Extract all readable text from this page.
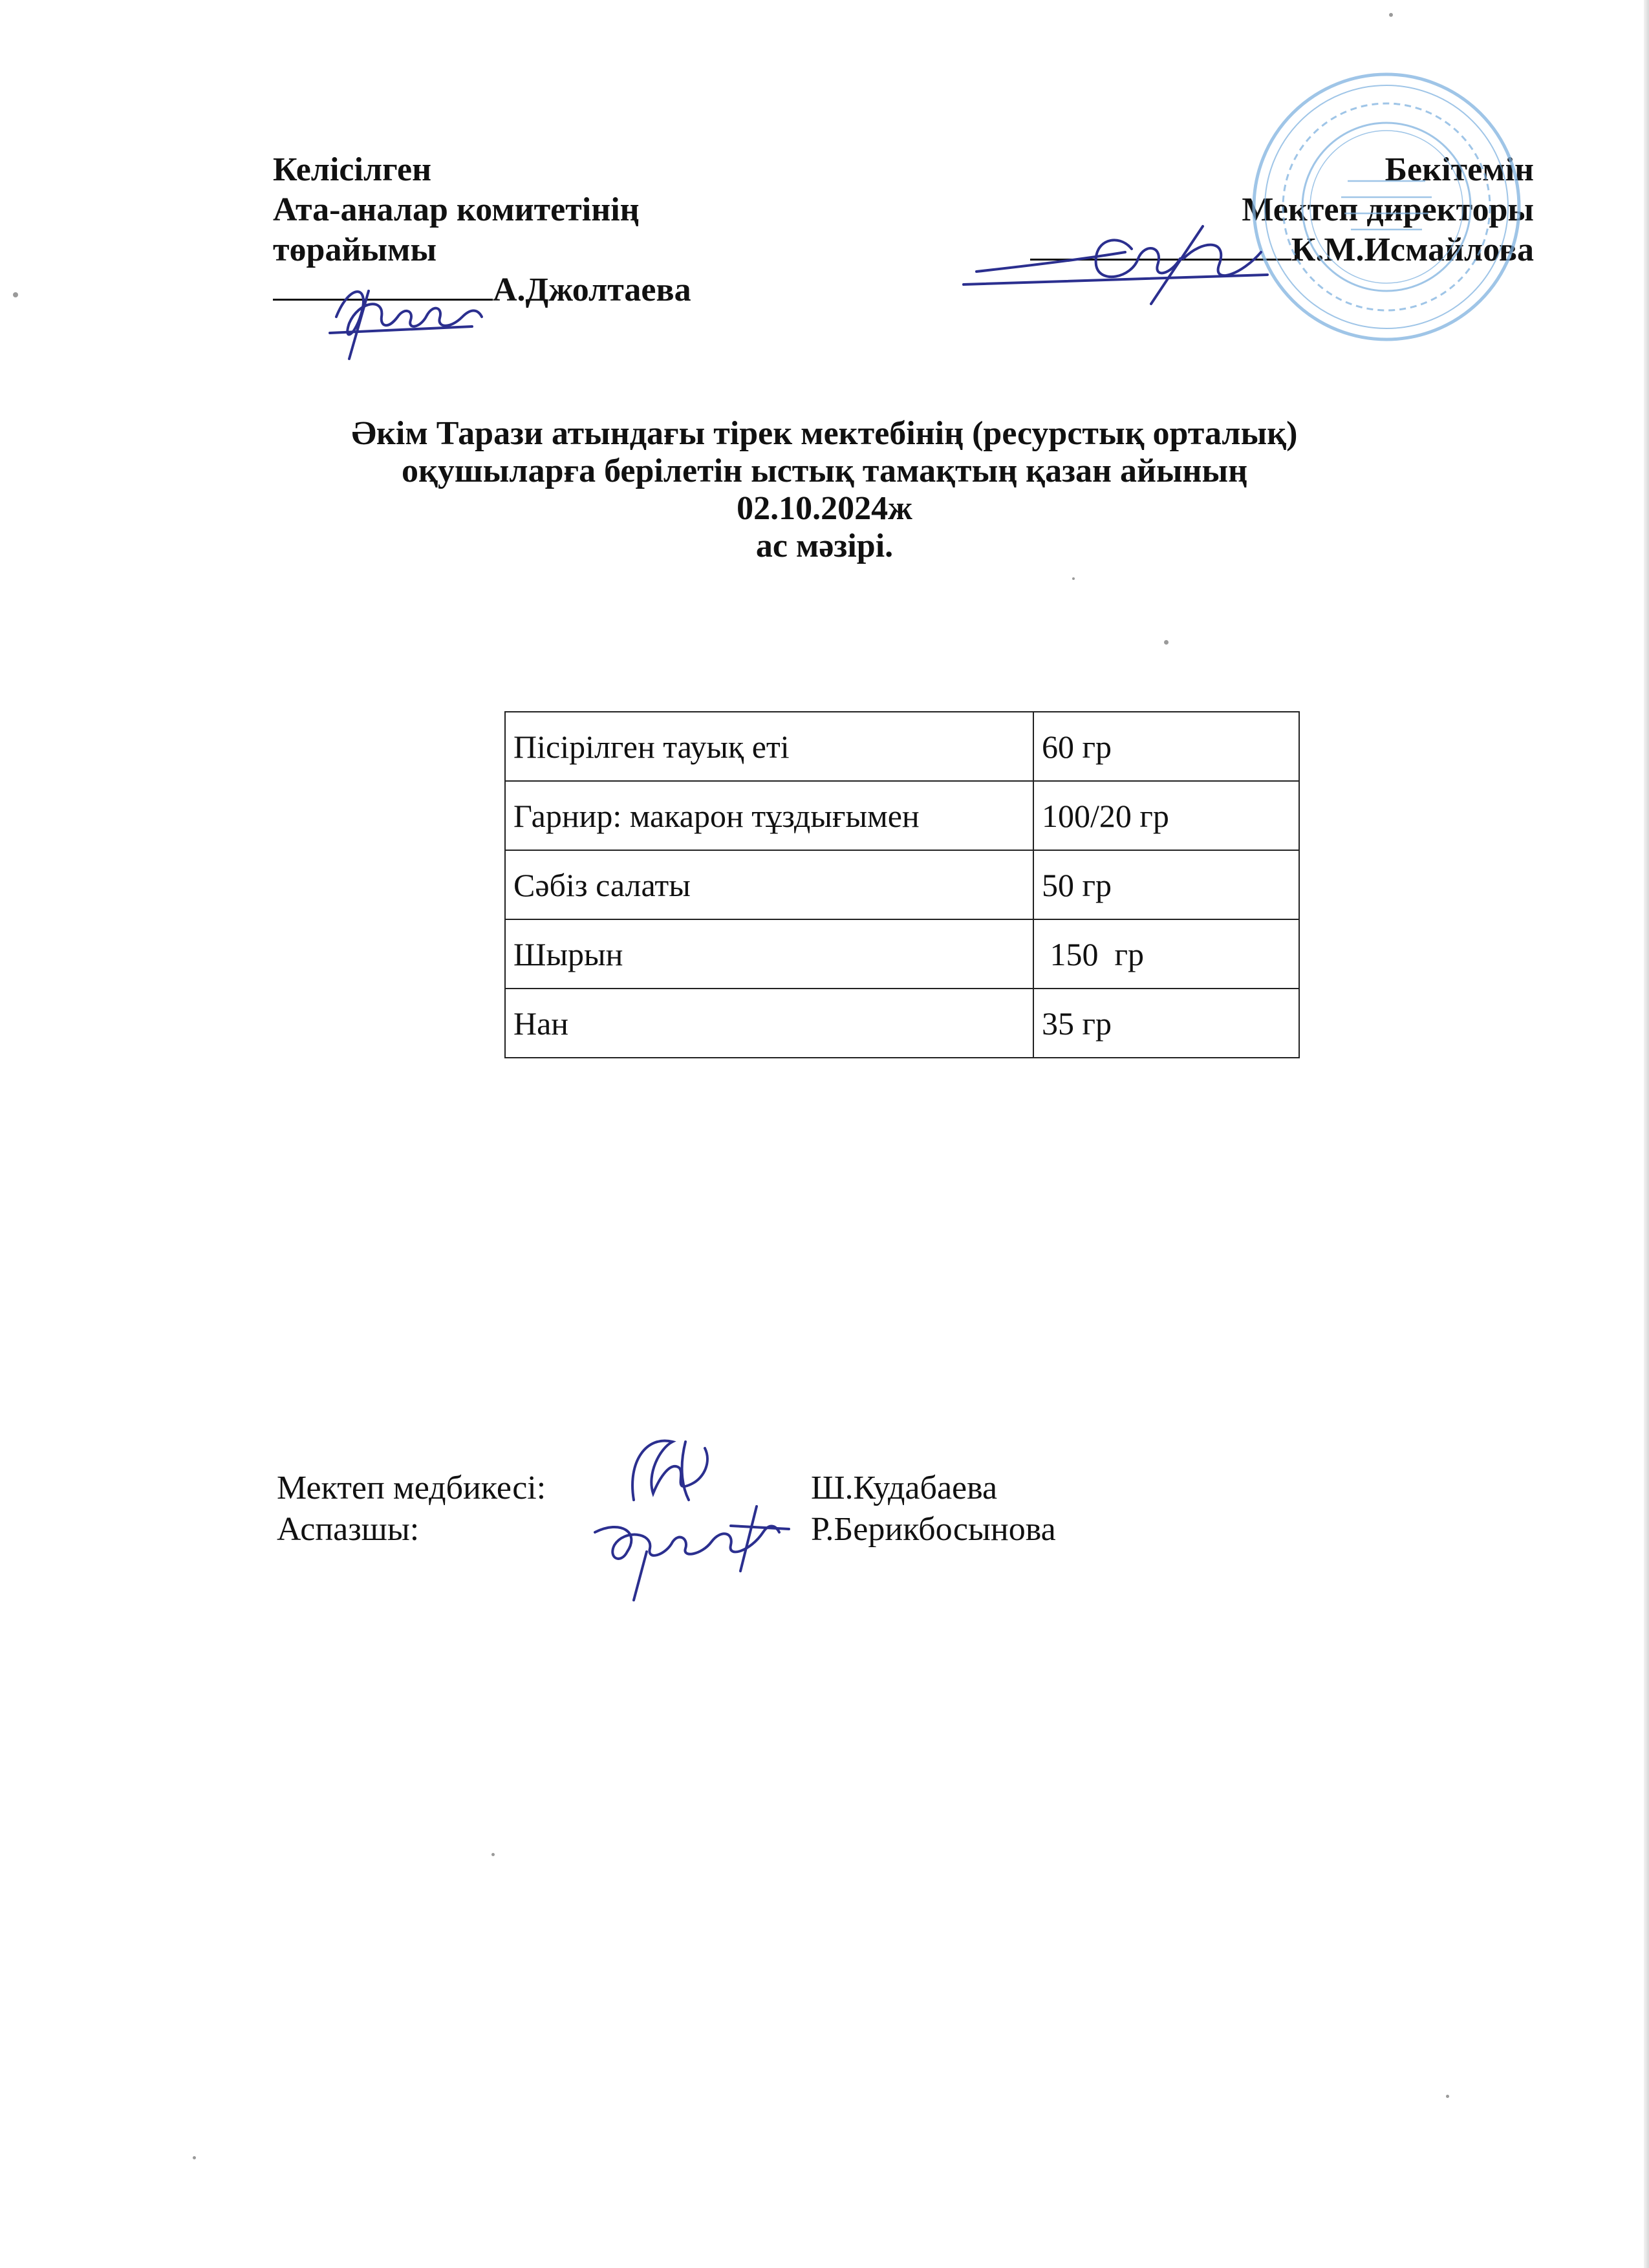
Келісілген
Ата-аналар комитетінің
төрайымы
А.Джолтаева
Бекітемін
Мектеп директоры
К.М.Исмайлова
Әкім Тарази атындағы тірек мектебінің (ресурстық орталық)
оқушыларға берілетін ыстық тамақтың қазан айының
02.10.2024ж
ас мәзірі.
Пісірілген тауық еті	60 гр
Гарнир: макарон тұздығымен	100/20 гр
Сәбіз салаты	50 гр
Шырын	150  гр
Нан	35 гр
Мектеп медбикесі:	Ш.Кудабаева
Аспазшы:	Р.Берикбосынова
